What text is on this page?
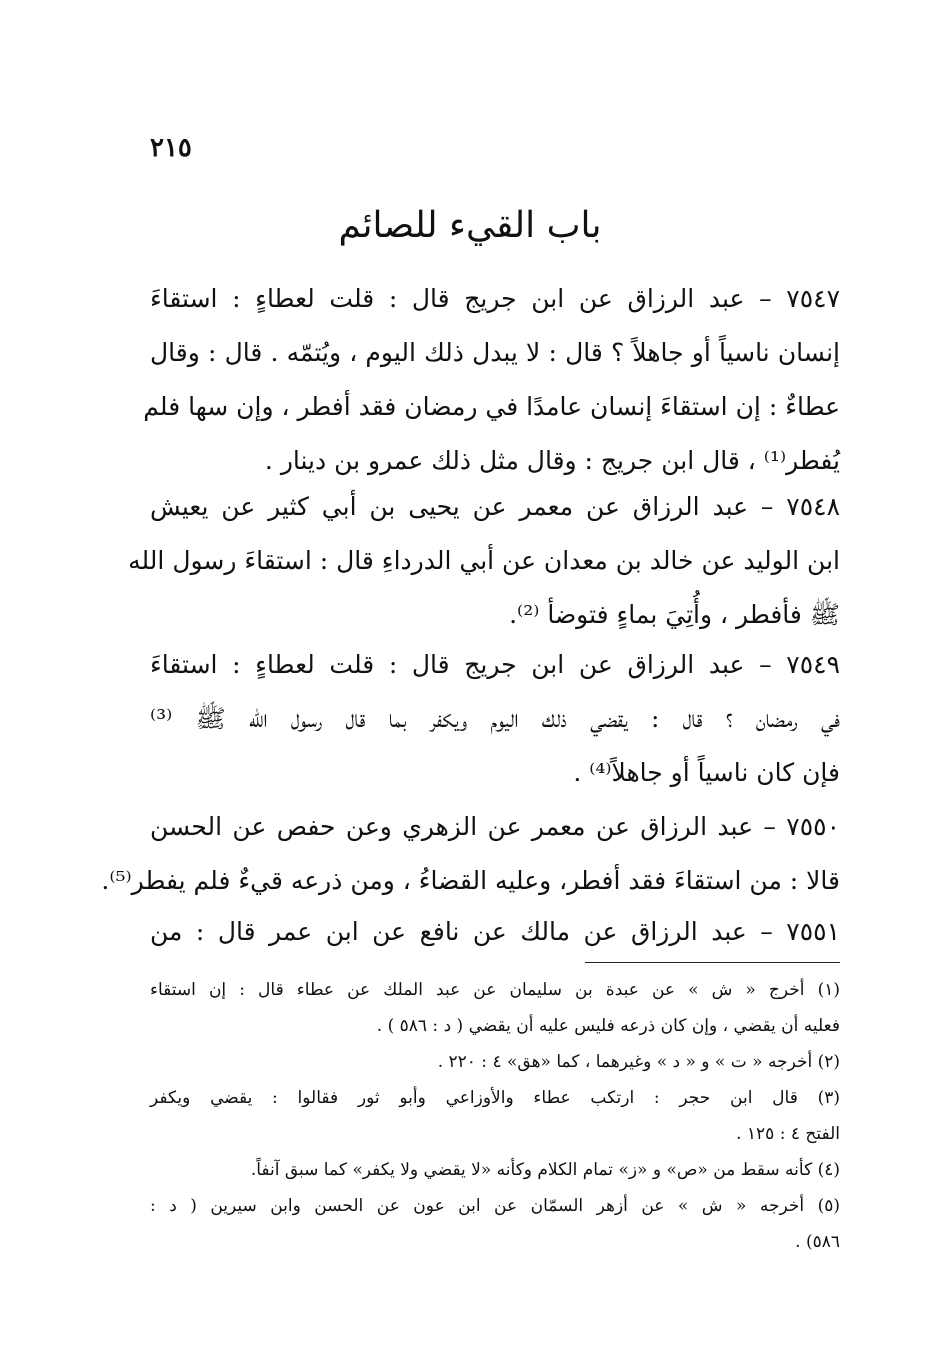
٢١٥
باب القيء للصائم
٧٥٤٧ – عبد الرزاق عن ابن جريج قال : قلت لعطاءٍ : استقاءَ
إنسان ناسياً أو جاهلاً ؟ قال : لا يبدل ذلك اليوم ، ويُتمّه . قال : وقال
عطاءٌ : إن استقاءَ إنسان عامدًا في رمضان فقد أفطر ، وإن سها فلم
يُفطر⁽¹⁾ ، قال ابن جريج : وقال مثل ذلك عمرو بن دينار .
٧٥٤٨ – عبد الرزاق عن معمر عن يحيى بن أبي كثير عن يعيش
ابن الوليد عن خالد بن معدان عن أبي الدرداءِ قال : استقاءَ رسول الله
ﷺ فأفطر ، وأُتِيَ بماءٍ فتوضأ ⁽²⁾.
٧٥٤٩ – عبد الرزاق عن ابن جريج قال : قلت لعطاءٍ : استقاءَ
في رمضان ؟ قال : يقضي ذلك اليوم ويكفر بما قال رسول الله ﷺ ⁽³⁾
فإن كان ناسياً أو جاهلاً⁽⁴⁾ .
٧٥٥٠ – عبد الرزاق عن معمر عن الزهري وعن حفص عن الحسن
قالا : من استقاءَ فقد أفطر، وعليه القضاءُ ، ومن ذرعه قيءٌ فلم يفطر⁽⁵⁾.
٧٥٥١ – عبد الرزاق عن مالك عن نافع عن ابن عمر قال : من
(١) أخرج « ش » عن عبدة بن سليمان عن عبد الملك عن عطاء قال : إن استقاء
فعليه أن يقضي ، وإن كان ذرعه فليس عليه أن يقضي ( د : ٥٨٦ ) .
(٢) أخرجه « ت » و « د » وغيرهما ، كما «هق» ٤ : ٢٢٠ .
(٣) قال ابن حجر : ارتكب عطاء والأوزاعي وأبو ثور فقالوا : يقضي ويكفر
الفتح ٤ : ١٢٥ .
(٤) كأنه سقط من «ص» و «ز» تمام الكلام وكأنه «لا يقضي ولا يكفر» كما سبق آنفاً.
(٥) أخرجه « ش » عن أزهر السمّان عن ابن عون عن الحسن وابن سيرين ( د :
٥٨٦) .
